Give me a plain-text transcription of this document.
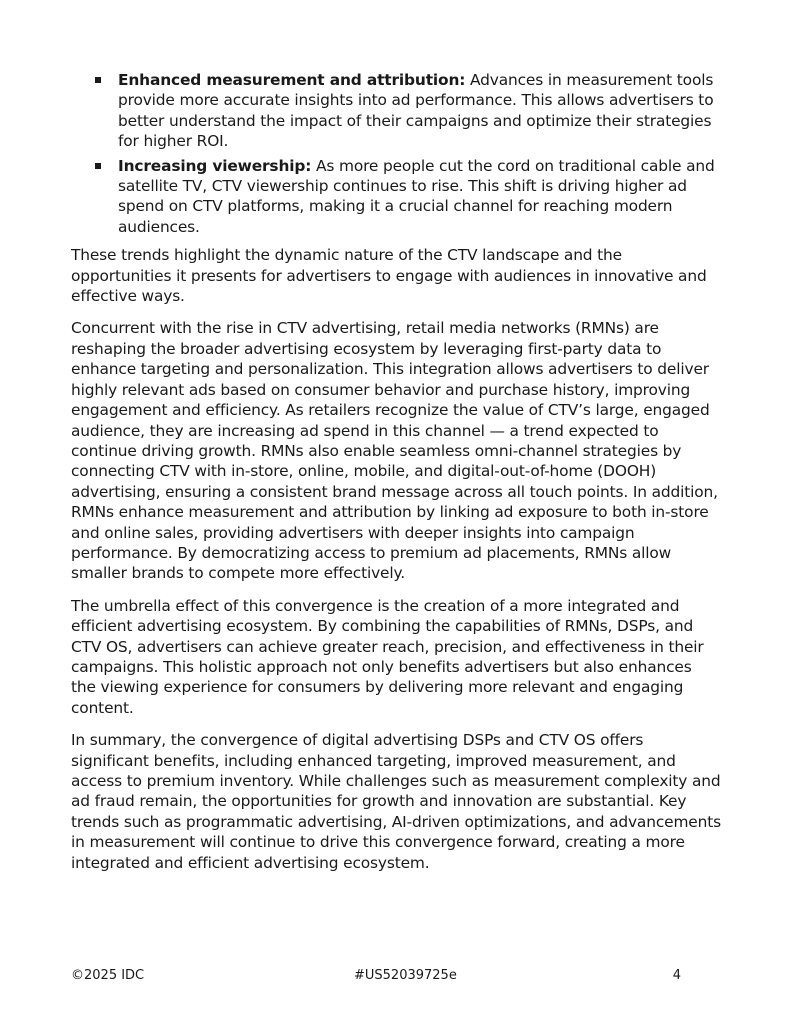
Enhanced measurement and attribution: Advances in measurement tools provide more accurate insights into ad performance. This allows advertisers to better understand the impact of their campaigns and optimize their strategies for higher ROI.
Increasing viewership: As more people cut the cord on traditional cable and satellite TV, CTV viewership continues to rise. This shift is driving higher ad spend on CTV platforms, making it a crucial channel for reaching modern audiences.

These trends highlight the dynamic nature of the CTV landscape and the opportunities it presents for advertisers to engage with audiences in innovative and effective ways.

Concurrent with the rise in CTV advertising, retail media networks (RMNs) are reshaping the broader advertising ecosystem by leveraging first-party data to enhance targeting and personalization. This integration allows advertisers to deliver highly relevant ads based on consumer behavior and purchase history, improving engagement and efficiency. As retailers recognize the value of CTV’s large, engaged audience, they are increasing ad spend in this channel — a trend expected to continue driving growth. RMNs also enable seamless omni-channel strategies by connecting CTV with in-store, online, mobile, and digital-out-of-home (DOOH) advertising, ensuring a consistent brand message across all touch points. In addition, RMNs enhance measurement and attribution by linking ad exposure to both in-store and online sales, providing advertisers with deeper insights into campaign performance. By democratizing access to premium ad placements, RMNs allow smaller brands to compete more effectively.

The umbrella effect of this convergence is the creation of a more integrated and efficient advertising ecosystem. By combining the capabilities of RMNs, DSPs, and CTV OS, advertisers can achieve greater reach, precision, and effectiveness in their campaigns. This holistic approach not only benefits advertisers but also enhances the viewing experience for consumers by delivering more relevant and engaging content.

In summary, the convergence of digital advertising DSPs and CTV OS offers significant benefits, including enhanced targeting, improved measurement, and access to premium inventory. While challenges such as measurement complexity and ad fraud remain, the opportunities for growth and innovation are substantial. Key trends such as programmatic advertising, AI-driven optimizations, and advancements in measurement will continue to drive this convergence forward, creating a more integrated and efficient advertising ecosystem.

©2025 IDC	#US52039725e	4
